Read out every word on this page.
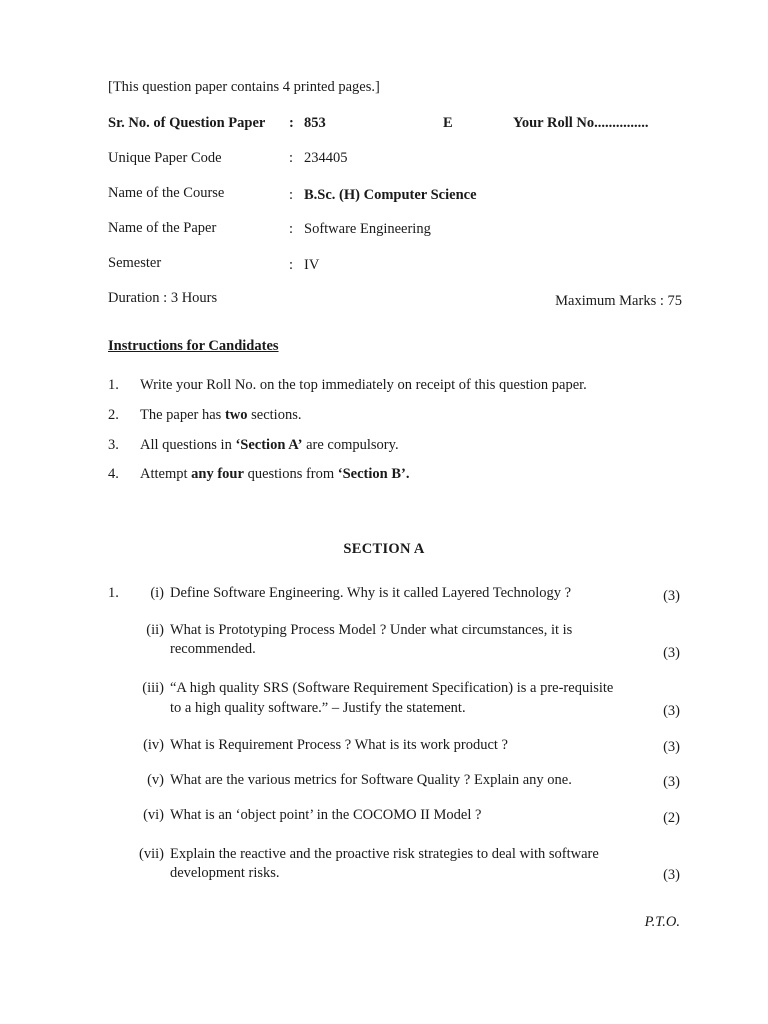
[This question paper contains 4 printed pages.]
Sr. No. of Question Paper : 853	E	Your Roll No...............
Unique Paper Code	: 234405
Name of the Course	: B.Sc. (H) Computer Science
Name of the Paper	: Software Engineering
Semester	: IV
Duration : 3 Hours	Maximum Marks : 75
Instructions for Candidates
1. Write your Roll No. on the top immediately on receipt of this question paper.
2. The paper has two sections.
3. All questions in ‘Section A’ are compulsory.
4. Attempt any four questions from ‘Section B’.
SECTION A
1.	(i) Define Software Engineering. Why is it called Layered Technology ?	(3)
(ii) What is Prototyping Process Model ? Under what circumstances, it is
recommended.	(3)
(iii) “A high quality SRS (Software Requirement Specification) is a pre-requisite
to a high quality software.” – Justify the statement.	(3)
(iv) What is Requirement Process ? What is its work product ?	(3)
(v) What are the various metrics for Software Quality ? Explain any one.	(3)
(vi) What is an ‘object point’ in the COCOMO II Model ?	(2)
(vii) Explain the reactive and the proactive risk strategies to deal with software
development risks.	(3)
P.T.O.
